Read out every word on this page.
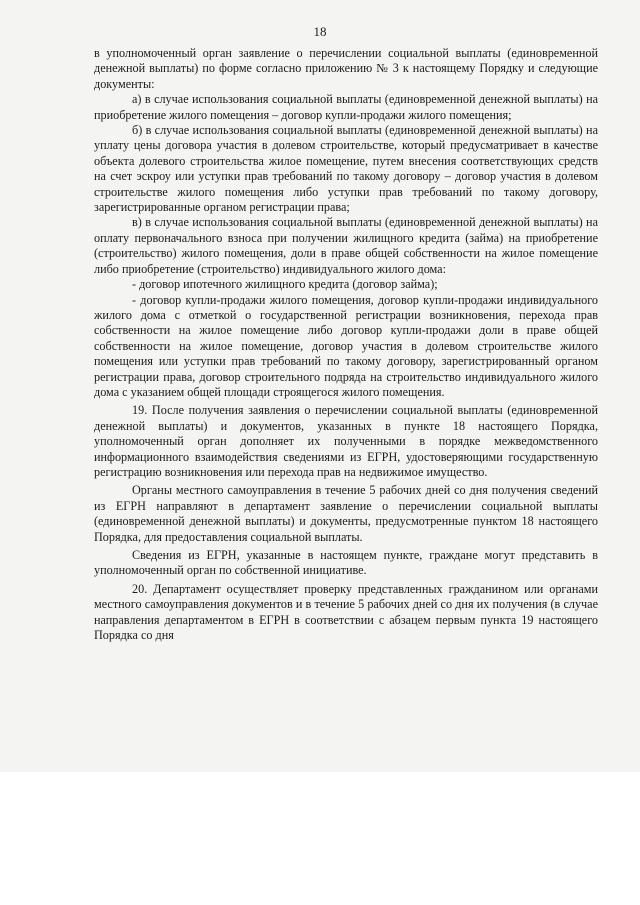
18

в уполномоченный орган заявление о перечислении социальной выплаты (единовременной денежной выплаты) по форме согласно приложению № 3 к настоящему Порядку и следующие документы:

а) в случае использования социальной выплаты (единовременной денежной выплаты) на приобретение жилого помещения – договор купли-продажи жилого помещения;

б) в случае использования социальной выплаты (единовременной денежной выплаты) на уплату цены договора участия в долевом строительстве, который предусматривает в качестве объекта долевого строительства жилое помещение, путем внесения соответствующих средств на счет эскроу или уступки прав требований по такому договору – договор участия в долевом строительстве жилого помещения либо уступки прав требований по такому договору, зарегистрированные органом регистрации права;

в) в случае использования социальной выплаты (единовременной денежной выплаты) на оплату первоначального взноса при получении жилищного кредита (займа) на приобретение (строительство) жилого помещения, доли в праве общей собственности на жилое помещение либо приобретение (строительство) индивидуального жилого дома:

- договор ипотечного жилищного кредита (договор займа);

- договор купли-продажи жилого помещения, договор купли-продажи индивидуального жилого дома с отметкой о государственной регистрации возникновения, перехода прав собственности на жилое помещение либо договор купли-продажи доли в праве общей собственности на жилое помещение, договор участия в долевом строительстве жилого помещения или уступки прав требований по такому договору, зарегистрированный органом регистрации права, договор строительного подряда на строительство индивидуального жилого дома с указанием общей площади строящегося жилого помещения.

19. После получения заявления о перечислении социальной выплаты (единовременной денежной выплаты) и документов, указанных в пункте 18 настоящего Порядка, уполномоченный орган дополняет их полученными в порядке межведомственного информационного взаимодействия сведениями из ЕГРН, удостоверяющими государственную регистрацию возникновения или перехода прав на недвижимое имущество.

Органы местного самоуправления в течение 5 рабочих дней со дня получения сведений из ЕГРН направляют в департамент заявление о перечислении социальной выплаты (единовременной денежной выплаты) и документы, предусмотренные пунктом 18 настоящего Порядка, для предоставления социальной выплаты.

Сведения из ЕГРН, указанные в настоящем пункте, граждане могут представить в уполномоченный орган по собственной инициативе.

20. Департамент осуществляет проверку представленных гражданином или органами местного самоуправления документов и в течение 5 рабочих дней со дня их получения (в случае направления департаментом в ЕГРН в соответствии с абзацем первым пункта 19 настоящего Порядка со дня
